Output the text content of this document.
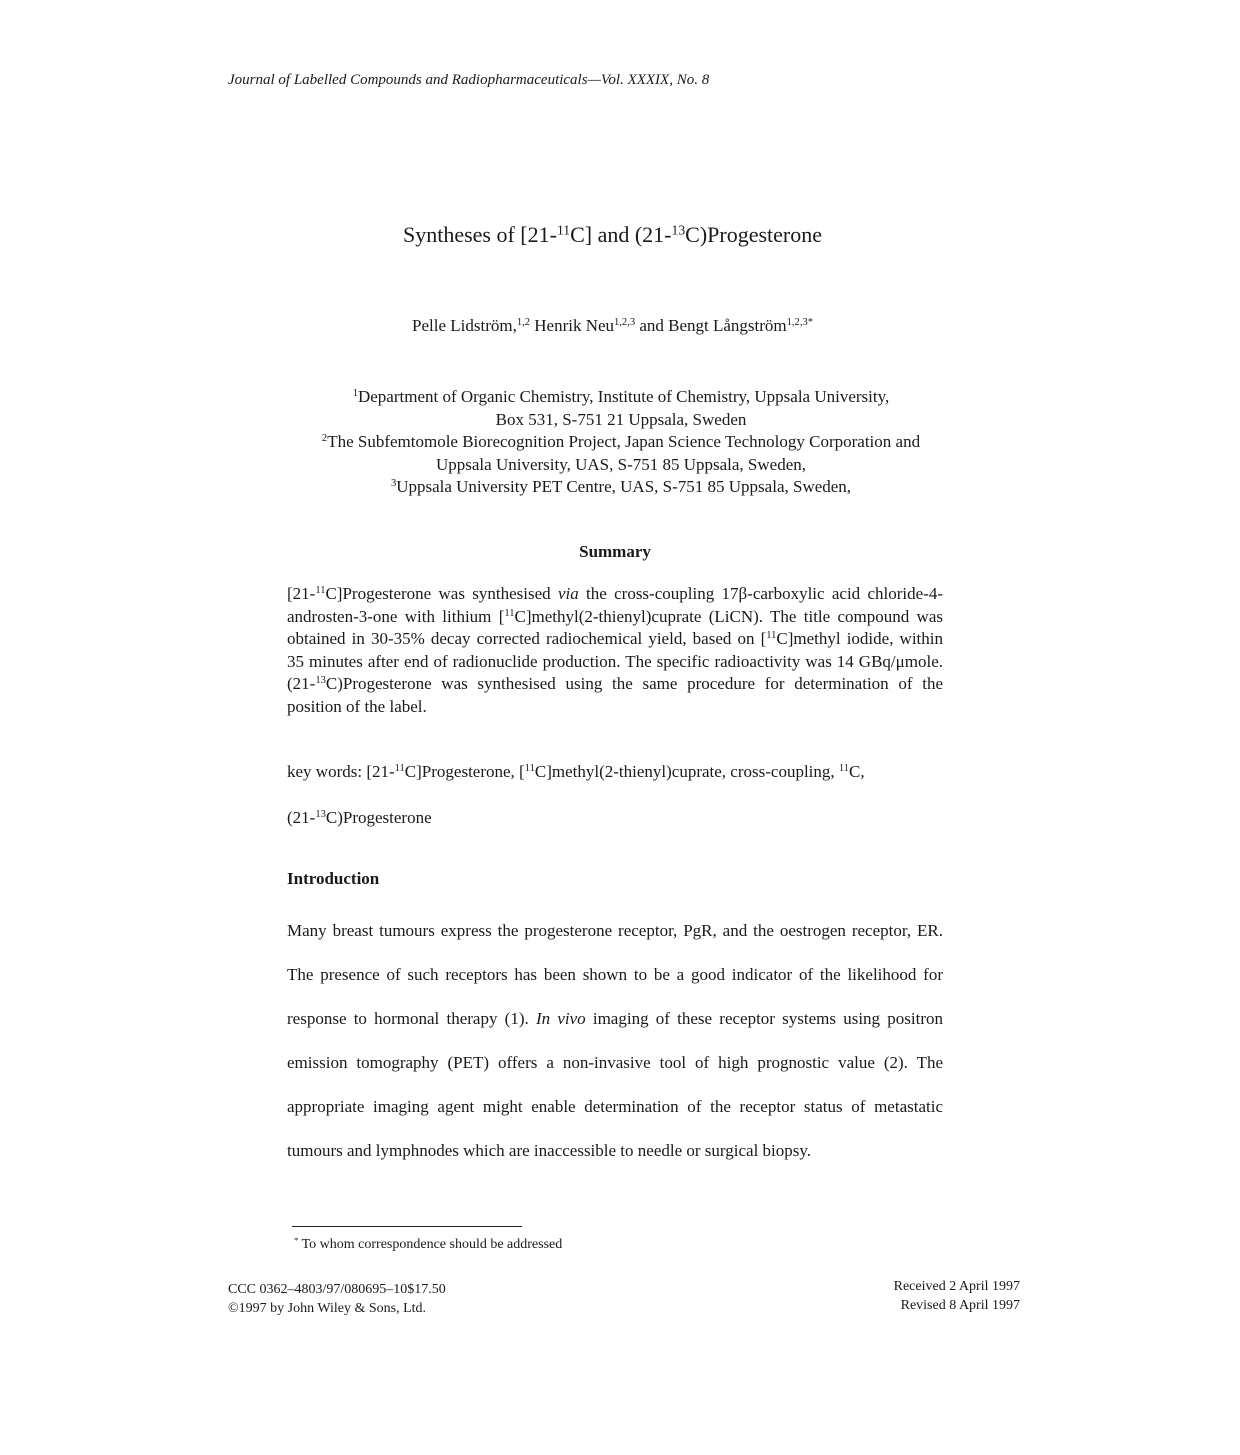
Journal of Labelled Compounds and Radiopharmaceuticals—Vol. XXXIX, No. 8
Syntheses of [21-$^{11}$C] and (21-$^{13}$C)Progesterone
Pelle Lidström,$^{1,2}$ Henrik Neu$^{1,2,3}$ and Bengt Långström$^{1,2,3*}$
$^1$Department of Organic Chemistry, Institute of Chemistry, Uppsala University,
Box 531, S-751 21 Uppsala, Sweden
$^2$The Subfemtomole Biorecognition Project, Japan Science Technology Corporation and
Uppsala University, UAS, S-751 85 Uppsala, Sweden,
$^3$Uppsala University PET Centre, UAS, S-751 85 Uppsala, Sweden,
Summary

[21-$^{11}$C]Progesterone was synthesised via the cross-coupling 17β-carboxylic acid chloride-4-androsten-3-one with lithium [$^{11}$C]methyl(2-thienyl)cuprate (LiCN). The title compound was obtained in 30-35% decay corrected radiochemical yield, based on [$^{11}$C]methyl iodide, within 35 minutes after end of radionuclide production. The specific radioactivity was 14 GBq/μmole. (21-$^{13}$C)Progesterone was synthesised using the same procedure for determination of the position of the label.

key words: [21-$^{11}$C]Progesterone, [$^{11}$C]methyl(2-thienyl)cuprate, cross-coupling, $^{11}$C,
(21-$^{13}$C)Progesterone
Introduction

Many breast tumours express the progesterone receptor, PgR, and the oestrogen receptor, ER. The presence of such receptors has been shown to be a good indicator of the likelihood for response to hormonal therapy (1). In vivo imaging of these receptor systems using positron emission tomography (PET) offers a non-invasive tool of high prognostic value (2). The appropriate imaging agent might enable determination of the receptor status of metastatic tumours and lymphnodes which are inaccessible to needle or surgical biopsy.

* To whom correspondence should be addressed
CCC 0362–4803/97/080695–10$17.50
©1997 by John Wiley & Sons, Ltd.
Received 2 April 1997
Revised 8 April 1997
